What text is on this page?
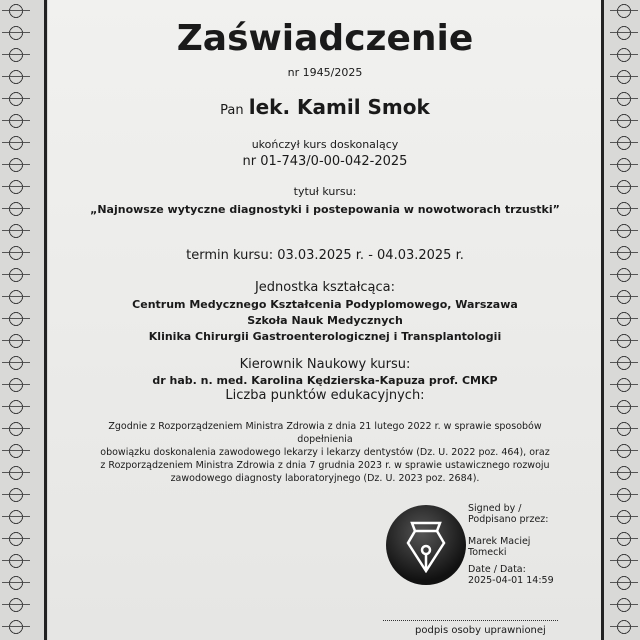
Zaświadczenie
nr 1945/2025
Pan lek. Kamil Smok
ukończył kurs doskonalący
nr 01-743/0-00-042-2025
tytuł kursu:
„Najnowsze wytyczne diagnostyki i postepowania w nowotworach trzustki”
termin kursu: 03.03.2025 r. - 04.03.2025 r.
Jednostka kształcąca:
Centrum Medycznego Kształcenia Podyplomowego, Warszawa
Szkoła Nauk Medycznych
Klinika Chirurgii Gastroenterologicznej i Transplantologii
Kierownik Naukowy kursu:
dr hab. n. med. Karolina Kędzierska-Kapuza prof. CMKP
Liczba punktów edukacyjnych:
Zgodnie z Rozporządzeniem Ministra Zdrowia z dnia 21 lutego 2022 r. w sprawie sposobów dopełnienia
obowiązku doskonalenia zawodowego lekarzy i lekarzy dentystów (Dz. U. 2022 poz. 464), oraz
z Rozporządzeniem Ministra Zdrowia z dnia 7 grudnia 2023 r. w sprawie ustawicznego rozwoju
zawodowego diagnosty laboratoryjnego (Dz. U. 2023 poz. 2684).
Signed by /
Podpisano przez:
Marek Maciej
Tomecki
Date / Data:
2025-04-01 14:59
podpis osoby uprawnionej
